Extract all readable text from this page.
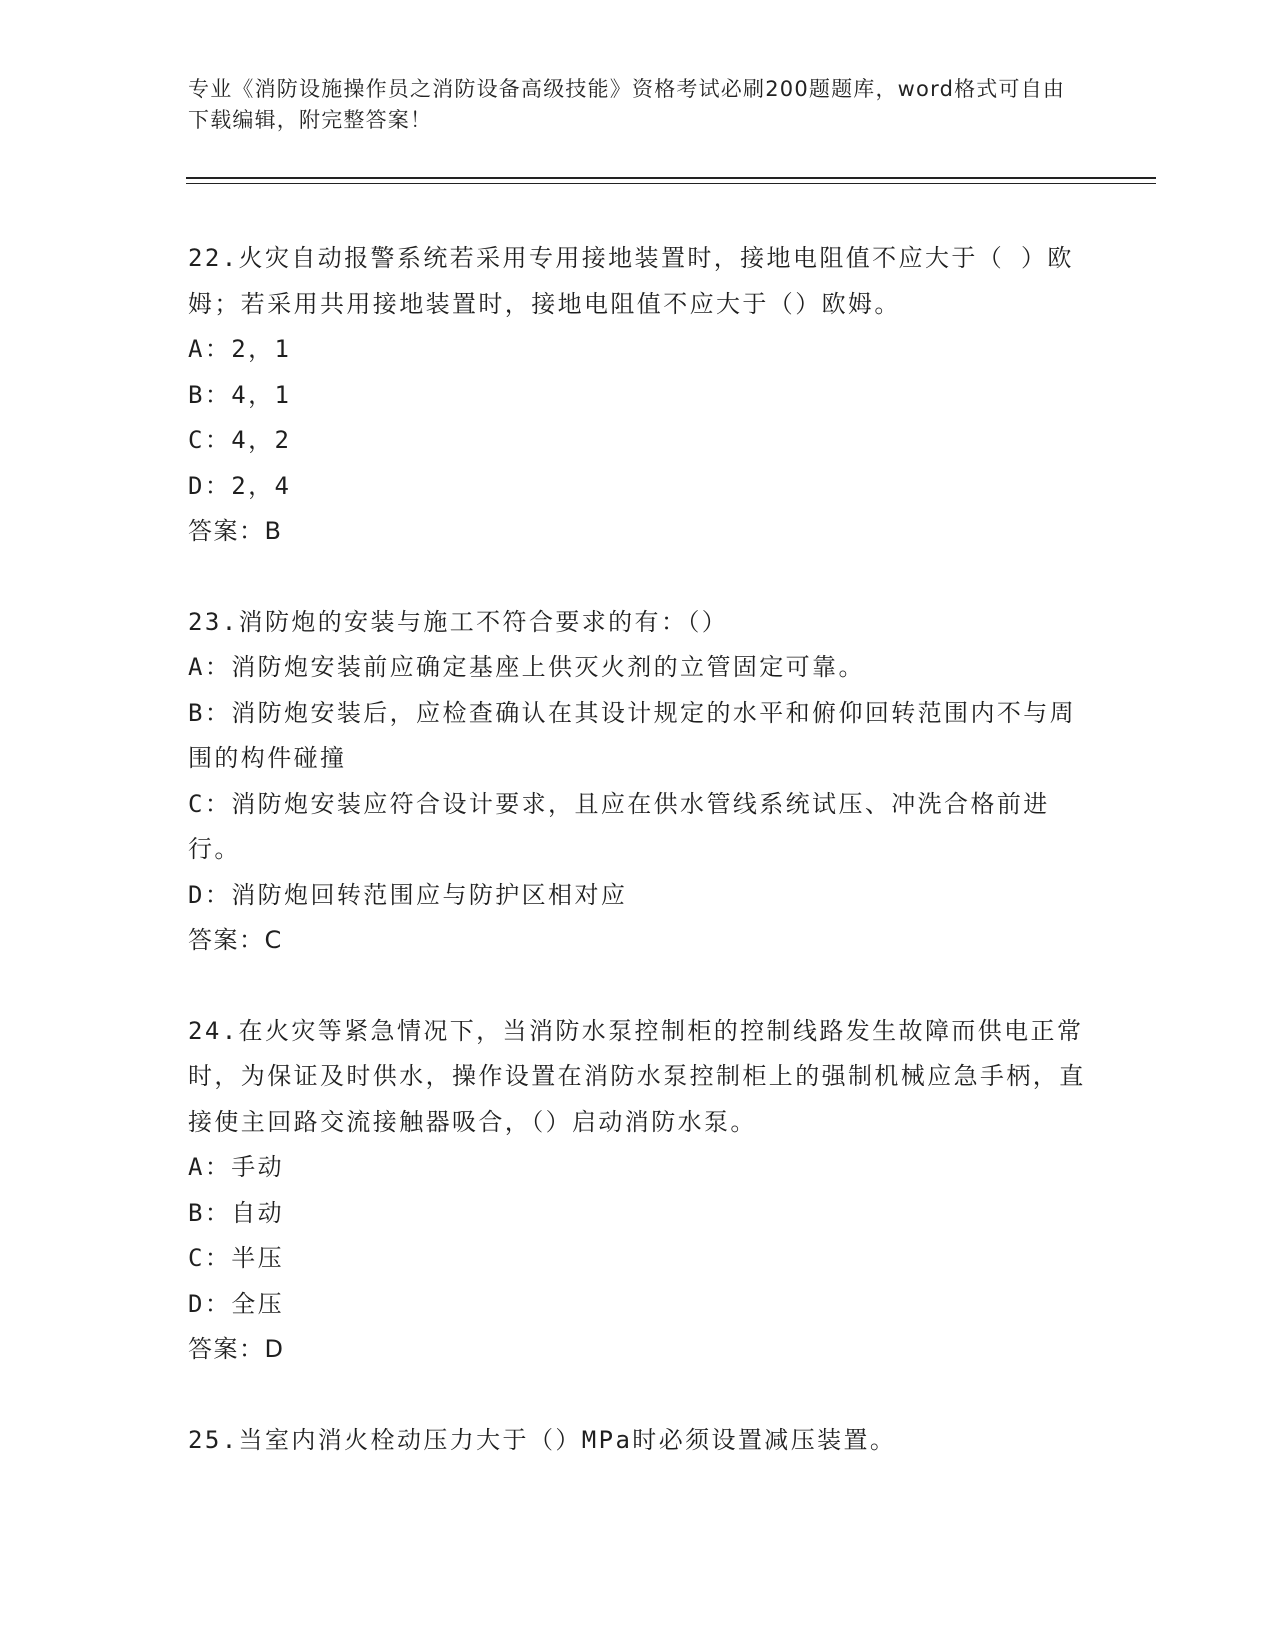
专业《消防设施操作员之消防设备高级技能》资格考试必刷200题题库，word格式可自由下载编辑，附完整答案！

22.火灾自动报警系统若采用专用接地装置时，接地电阻值不应大于（ ）欧姆；若采用共用接地装置时，接地电阻值不应大于（）欧姆。

A：2，1

B：4，1

C：4，2

D：2，4

答案：B

23.消防炮的安装与施工不符合要求的有：（）

A：消防炮安装前应确定基座上供灭火剂的立管固定可靠。

B：消防炮安装后，应检查确认在其设计规定的水平和俯仰回转范围内不与周围的构件碰撞

C：消防炮安装应符合设计要求，且应在供水管线系统试压、冲洗合格前进行。

D：消防炮回转范围应与防护区相对应

答案：C

24.在火灾等紧急情况下，当消防水泵控制柜的控制线路发生故障而供电正常时，为保证及时供水，操作设置在消防水泵控制柜上的强制机械应急手柄，直接使主回路交流接触器吸合，（）启动消防水泵。

A：手动

B：自动

C：半压

D：全压

答案：D

25.当室内消火栓动压力大于（）MPa时必须设置减压装置。
